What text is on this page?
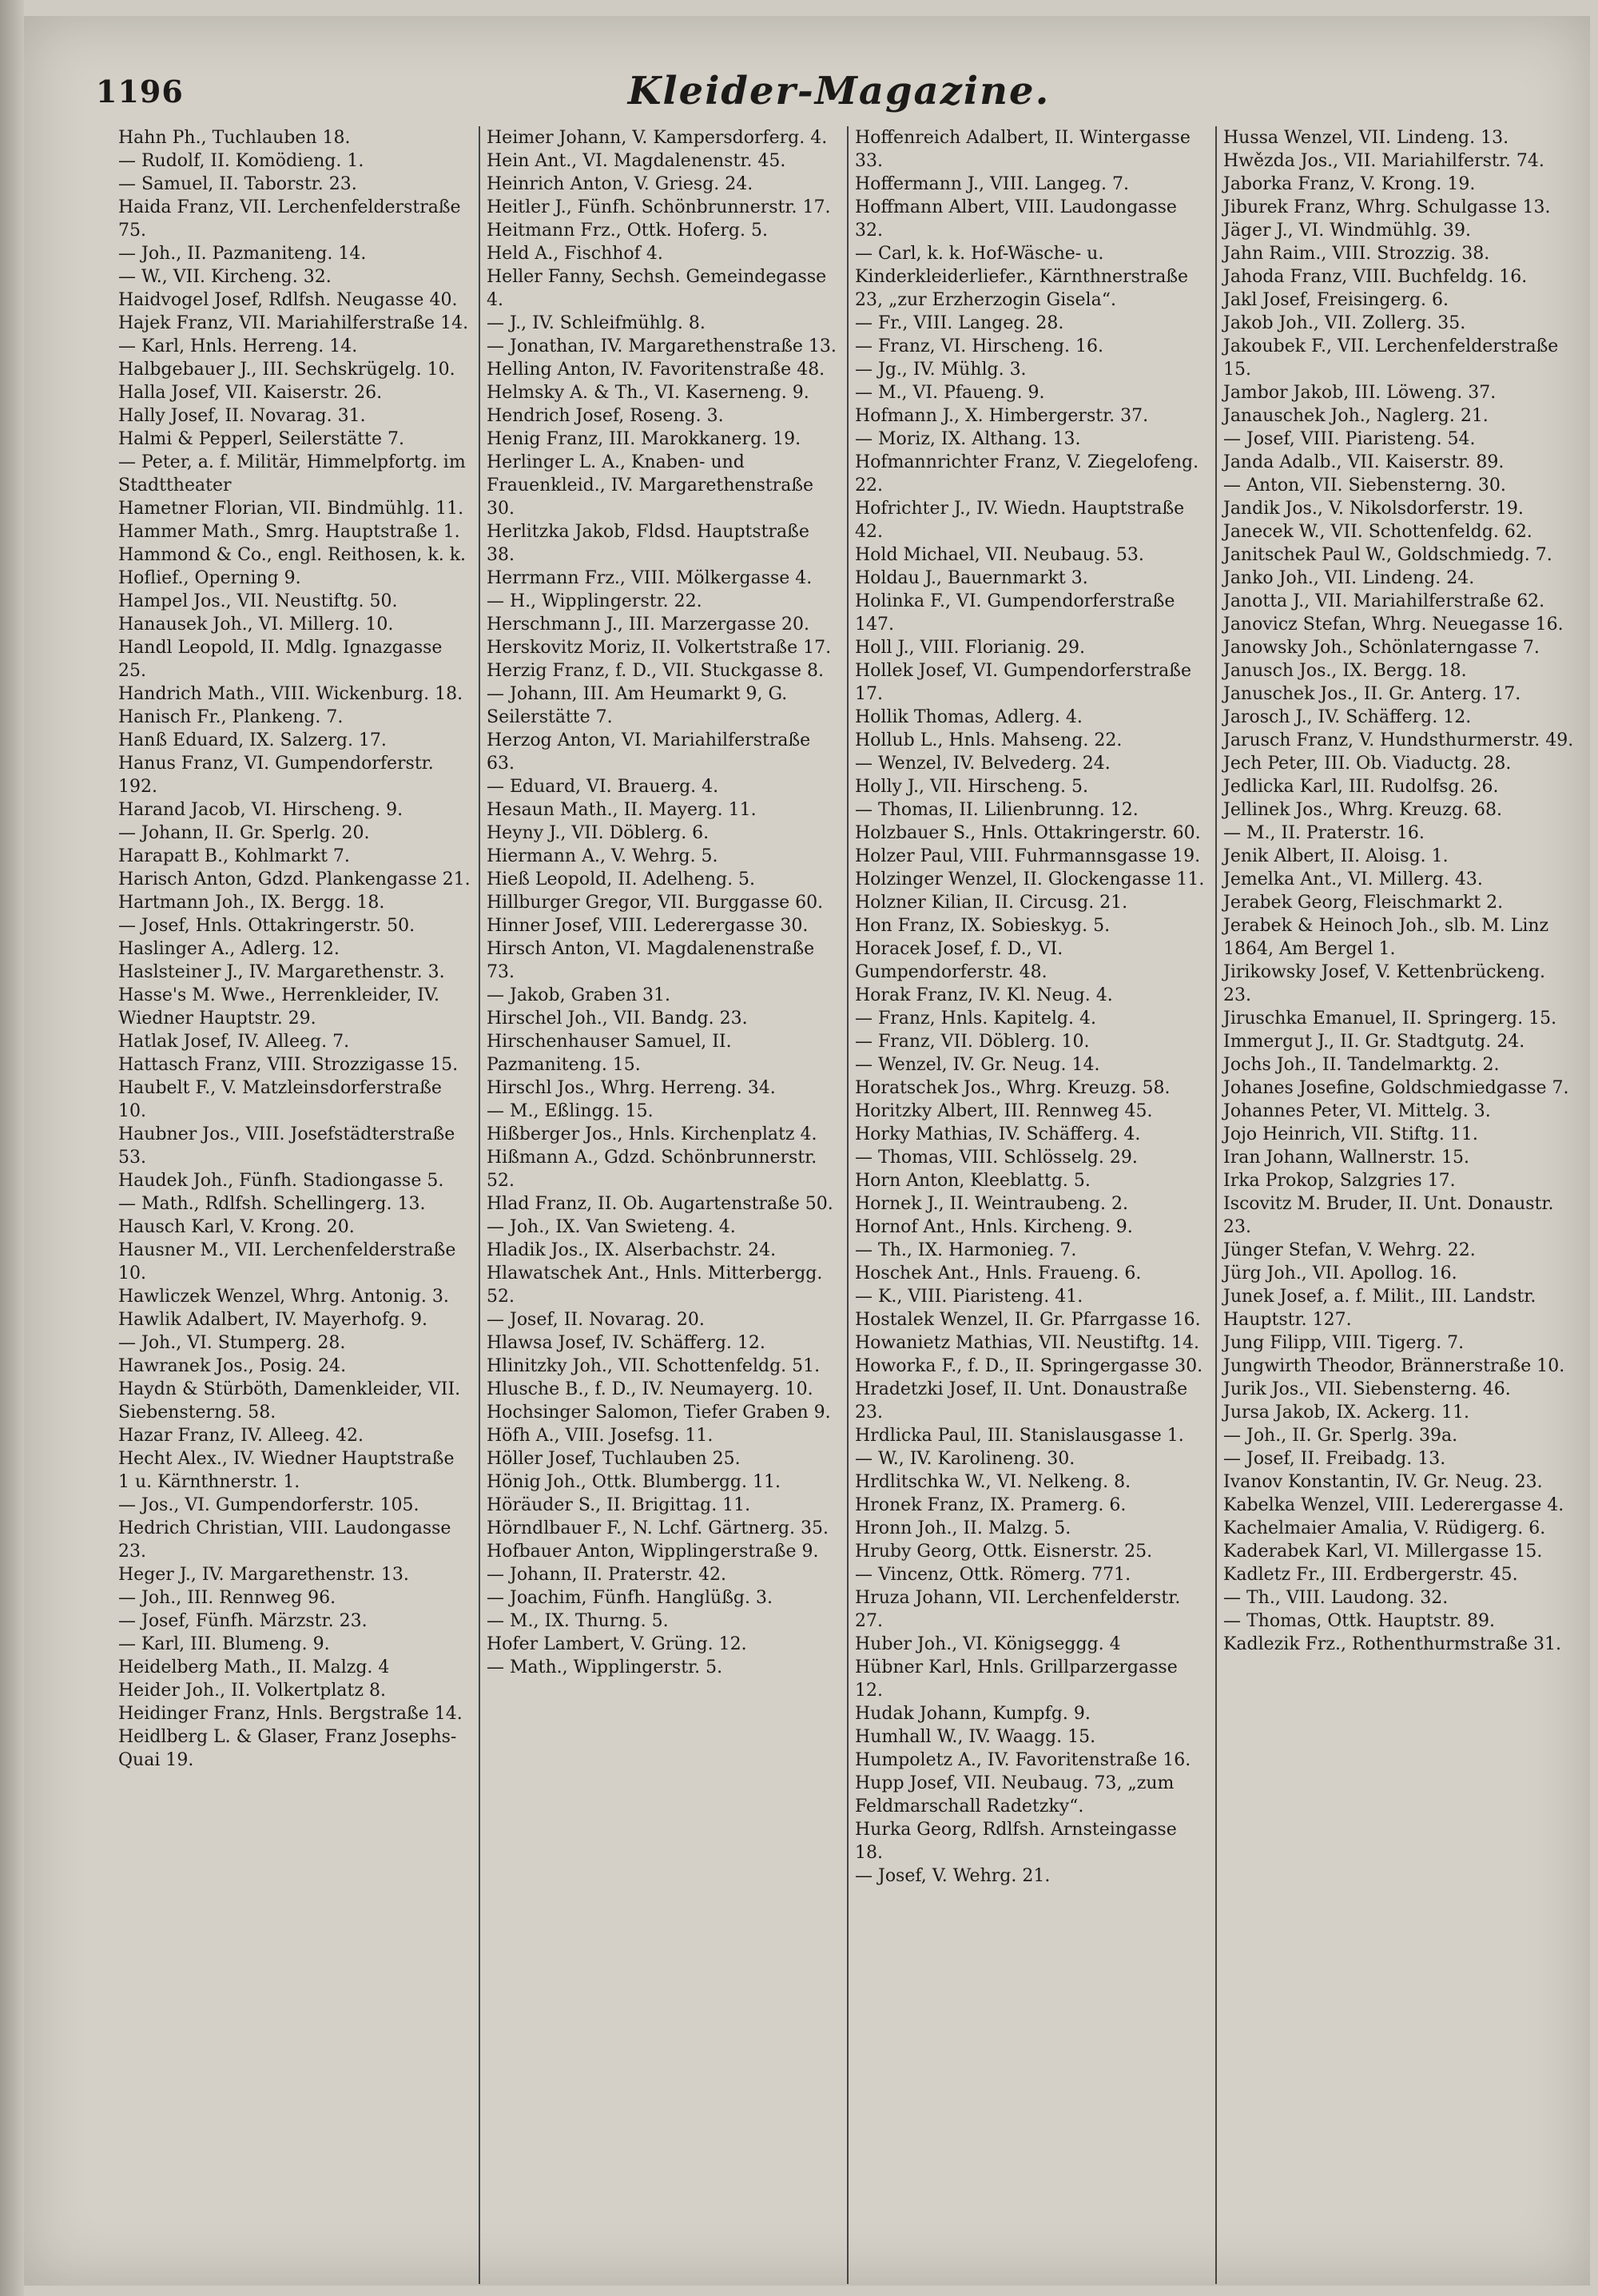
1196	Kleider-Magazine.

Hahn Ph., Tuchlauben 18.

— Rudolf, II. Komödieng. 1.

— Samuel, II. Taborstr. 23.

Haida Franz, VII. Lerchenfelderstraße 75.

— Joh., II. Pazmaniteng. 14.

— W., VII. Kircheng. 32.

Haidvogel Josef, Rdlfsh. Neugasse 40.

Hajek Franz, VII. Mariahilferstraße 14.

— Karl, Hnls. Herreng. 14.

Halbgebauer J., III. Sechskrügelg. 10.

Halla Josef, VII. Kaiserstr. 26.

Hally Josef, II. Novarag. 31.

Halmi & Pepperl, Seilerstätte 7.

— Peter, a. f. Militär, Himmelpfortg. im Stadttheater

Hametner Florian, VII. Bindmühlg. 11.

Hammer Math., Smrg. Hauptstraße 1.

Hammond & Co., engl. Reithosen, k. k. Hoflief., Operning 9.

Hampel Jos., VII. Neustiftg. 50.

Hanausek Joh., VI. Millerg. 10.

Handl Leopold, II. Mdlg. Ignazgasse 25.

Handrich Math., VIII. Wickenburg. 18.

Hanisch Fr., Plankeng. 7.

Hanß Eduard, IX. Salzerg. 17.

Hanus Franz, VI. Gumpendorferstr. 192.

Harand Jacob, VI. Hirscheng. 9.

— Johann, II. Gr. Sperlg. 20.

Harapatt B., Kohlmarkt 7.

Harisch Anton, Gdzd. Plankengasse 21.

Hartmann Joh., IX. Bergg. 18.

— Josef, Hnls. Ottakringerstr. 50.

Haslinger A., Adlerg. 12.

Haslsteiner J., IV. Margarethenstr. 3.

Hasse's M. Wwe., Herrenkleider, IV. Wiedner Hauptstr. 29.

Hatlak Josef, IV. Alleeg. 7.

Hattasch Franz, VIII. Strozzigasse 15.

Haubelt F., V. Matzleinsdorferstraße 10.

Haubner Jos., VIII. Josefstädterstraße 53.

Haudek Joh., Fünfh. Stadiongasse 5.

— Math., Rdlfsh. Schellingerg. 13.

Hausch Karl, V. Krong. 20.

Hausner M., VII. Lerchenfelderstraße 10.

Hawliczek Wenzel, Whrg. Antonig. 3.

Hawlik Adalbert, IV. Mayerhofg. 9.

— Joh., VI. Stumperg. 28.

Hawranek Jos., Posig. 24.

Haydn & Stürböth, Damenkleider, VII. Siebensterng. 58.

Hazar Franz, IV. Alleeg. 42.

Hecht Alex., IV. Wiedner Hauptstraße 1 u. Kärnthnerstr. 1.

— Jos., VI. Gumpendorferstr. 105.

Hedrich Christian, VIII. Laudongasse 23.

Heger J., IV. Margarethenstr. 13.

— Joh., III. Rennweg 96.

— Josef, Fünfh. Märzstr. 23.

— Karl, III. Blumeng. 9.

Heidelberg Math., II. Malzg. 4

Heider Joh., II. Volkertplatz 8.

Heidinger Franz, Hnls. Bergstraße 14.

Heidlberg L. & Glaser, Franz Josephs-Quai 19.

Heimer Johann, V. Kampersdorferg. 4.

Hein Ant., VI. Magdalenenstr. 45.

Heinrich Anton, V. Griesg. 24.

Heitler J., Fünfh. Schönbrunnerstr. 17.

Heitmann Frz., Ottk. Hoferg. 5.

Held A., Fischhof 4.

Heller Fanny, Sechsh. Gemeindegasse 4.

— J., IV. Schleifmühlg. 8.

— Jonathan, IV. Margarethenstraße 13.

Helling Anton, IV. Favoritenstraße 48.

Helmsky A. & Th., VI. Kaserneng. 9.

Hendrich Josef, Roseng. 3.

Henig Franz, III. Marokkanerg. 19.

Herlinger L. A., Knaben- und Frauenkleid., IV. Margarethenstraße 30.

Herlitzka Jakob, Fldsd. Hauptstraße 38.

Herrmann Frz., VIII. Mölkergasse 4.

— H., Wipplingerstr. 22.

Herschmann J., III. Marzergasse 20.

Herskovitz Moriz, II. Volkertstraße 17.

Herzig Franz, f. D., VII. Stuckgasse 8.

— Johann, III. Am Heumarkt 9, G. Seilerstätte 7.

Herzog Anton, VI. Mariahilferstraße 63.

— Eduard, VI. Brauerg. 4.

Hesaun Math., II. Mayerg. 11.

Heyny J., VII. Döblerg. 6.

Hiermann A., V. Wehrg. 5.

Hieß Leopold, II. Adelheng. 5.

Hillburger Gregor, VII. Burggasse 60.

Hinner Josef, VIII. Lederergasse 30.

Hirsch Anton, VI. Magdalenenstraße 73.

— Jakob, Graben 31.

Hirschel Joh., VII. Bandg. 23.

Hirschenhauser Samuel, II. Pazmaniteng. 15.

Hirschl Jos., Whrg. Herreng. 34.

— M., Eßlingg. 15.

Hißberger Jos., Hnls. Kirchenplatz 4.

Hißmann A., Gdzd. Schönbrunnerstr. 52.

Hlad Franz, II. Ob. Augartenstraße 50.

— Joh., IX. Van Swieteng. 4.

Hladik Jos., IX. Alserbachstr. 24.

Hlawatschek Ant., Hnls. Mitterbergg. 52.

— Josef, II. Novarag. 20.

Hlawsa Josef, IV. Schäfferg. 12.

Hlinitzky Joh., VII. Schottenfeldg. 51.

Hlusche B., f. D., IV. Neumayerg. 10.

Hochsinger Salomon, Tiefer Graben 9.

Höfh A., VIII. Josefsg. 11.

Höller Josef, Tuchlauben 25.

Hönig Joh., Ottk. Blumbergg. 11.

Höräuder S., II. Brigittag. 11.

Hörndlbauer F., N. Lchf. Gärtnerg. 35.

Hofbauer Anton, Wipplingerstraße 9.

— Johann, II. Praterstr. 42.

— Joachim, Fünfh. Hanglüßg. 3.

— M., IX. Thurng. 5.

Hofer Lambert, V. Grüng. 12.

— Math., Wipplingerstr. 5.

Hoffenreich Adalbert, II. Wintergasse 33.

Hoffermann J., VIII. Langeg. 7.

Hoffmann Albert, VIII. Laudongasse 32.

— Carl, k. k. Hof-Wäsche- u. Kinderkleiderliefer., Kärnthnerstraße 23, „zur Erzherzogin Gisela“.

— Fr., VIII. Langeg. 28.

— Franz, VI. Hirscheng. 16.

— Jg., IV. Mühlg. 3.

— M., VI. Pfaueng. 9.

Hofmann J., X. Himbergerstr. 37.

— Moriz, IX. Althang. 13.

Hofmannrichter Franz, V. Ziegelofeng. 22.

Hofrichter J., IV. Wiedn. Hauptstraße 42.

Hold Michael, VII. Neubaug. 53.

Holdau J., Bauernmarkt 3.

Holinka F., VI. Gumpendorferstraße 147.

Holl J., VIII. Florianig. 29.

Hollek Josef, VI. Gumpendorferstraße 17.

Hollik Thomas, Adlerg. 4.

Hollub L., Hnls. Mahseng. 22.

— Wenzel, IV. Belvederg. 24.

Holly J., VII. Hirscheng. 5.

— Thomas, II. Lilienbrunng. 12.

Holzbauer S., Hnls. Ottakringerstr. 60.

Holzer Paul, VIII. Fuhrmannsgasse 19.

Holzinger Wenzel, II. Glockengasse 11.

Holzner Kilian, II. Circusg. 21.

Hon Franz, IX. Sobieskyg. 5.

Horacek Josef, f. D., VI. Gumpendorferstr. 48.

Horak Franz, IV. Kl. Neug. 4.

— Franz, Hnls. Kapitelg. 4.

— Franz, VII. Döblerg. 10.

— Wenzel, IV. Gr. Neug. 14.

Horatschek Jos., Whrg. Kreuzg. 58.

Horitzky Albert, III. Rennweg 45.

Horky Mathias, IV. Schäfferg. 4.

— Thomas, VIII. Schlösselg. 29.

Horn Anton, Kleeblattg. 5.

Hornek J., II. Weintraubeng. 2.

Hornof Ant., Hnls. Kircheng. 9.

— Th., IX. Harmonieg. 7.

Hoschek Ant., Hnls. Fraueng. 6.

— K., VIII. Piaristeng. 41.

Hostalek Wenzel, II. Gr. Pfarrgasse 16.

Howanietz Mathias, VII. Neustiftg. 14.

Howorka F., f. D., II. Springergasse 30.

Hradetzki Josef, II. Unt. Donaustraße 23.

Hrdlicka Paul, III. Stanislausgasse 1.

— W., IV. Karolineng. 30.

Hrdlitschka W., VI. Nelkeng. 8.

Hronek Franz, IX. Pramerg. 6.

Hronn Joh., II. Malzg. 5.

Hruby Georg, Ottk. Eisnerstr. 25.

— Vincenz, Ottk. Römerg. 771.

Hruza Johann, VII. Lerchenfelderstr. 27.

Huber Joh., VI. Königseggg. 4

Hübner Karl, Hnls. Grillparzergasse 12.

Hudak Johann, Kumpfg. 9.

Humhall W., IV. Waagg. 15.

Humpoletz A., IV. Favoritenstraße 16.

Hupp Josef, VII. Neubaug. 73, „zum Feldmarschall Radetzky“.

Hurka Georg, Rdlfsh. Arnsteingasse 18.

— Josef, V. Wehrg. 21.

Hussa Wenzel, VII. Lindeng. 13.

Hwězda Jos., VII. Mariahilferstr. 74.

Jaborka Franz, V. Krong. 19.

Jiburek Franz, Whrg. Schulgasse 13.

Jäger J., VI. Windmühlg. 39.

Jahn Raim., VIII. Strozzig. 38.

Jahoda Franz, VIII. Buchfeldg. 16.

Jakl Josef, Freisingerg. 6.

Jakob Joh., VII. Zollerg. 35.

Jakoubek F., VII. Lerchenfelderstraße 15.

Jambor Jakob, III. Löweng. 37.

Janauschek Joh., Naglerg. 21.

— Josef, VIII. Piaristeng. 54.

Janda Adalb., VII. Kaiserstr. 89.

— Anton, VII. Siebensterng. 30.

Jandik Jos., V. Nikolsdorferstr. 19.

Janecek W., VII. Schottenfeldg. 62.

Janitschek Paul W., Goldschmiedg. 7.

Janko Joh., VII. Lindeng. 24.

Janotta J., VII. Mariahilferstraße 62.

Janovicz Stefan, Whrg. Neuegasse 16.

Janowsky Joh., Schönlaterngasse 7.

Janusch Jos., IX. Bergg. 18.

Januschek Jos., II. Gr. Anterg. 17.

Jarosch J., IV. Schäfferg. 12.

Jarusch Franz, V. Hundsthurmerstr. 49.

Jech Peter, III. Ob. Viaductg. 28.

Jedlicka Karl, III. Rudolfsg. 26.

Jellinek Jos., Whrg. Kreuzg. 68.

— M., II. Praterstr. 16.

Jenik Albert, II. Aloisg. 1.

Jemelka Ant., VI. Millerg. 43.

Jerabek Georg, Fleischmarkt 2.

Jerabek & Heinoch Joh., slb. M. Linz 1864, Am Bergel 1.

Jirikowsky Josef, V. Kettenbrückeng. 23.

Jiruschka Emanuel, II. Springerg. 15.

Immergut J., II. Gr. Stadtgutg. 24.

Jochs Joh., II. Tandelmarktg. 2.

Johanes Josefine, Goldschmiedgasse 7.

Johannes Peter, VI. Mittelg. 3.

Jojo Heinrich, VII. Stiftg. 11.

Iran Johann, Wallnerstr. 15.

Irka Prokop, Salzgries 17.

Iscovitz M. Bruder, II. Unt. Donaustr. 23.

Jünger Stefan, V. Wehrg. 22.

Jürg Joh., VII. Apollog. 16.

Junek Josef, a. f. Milit., III. Landstr. Hauptstr. 127.

Jung Filipp, VIII. Tigerg. 7.

Jungwirth Theodor, Brännerstraße 10.

Jurik Jos., VII. Siebensterng. 46.

Jursa Jakob, IX. Ackerg. 11.

— Joh., II. Gr. Sperlg. 39a.

— Josef, II. Freibadg. 13.

Ivanov Konstantin, IV. Gr. Neug. 23.

Kabelka Wenzel, VIII. Lederergasse 4.

Kachelmaier Amalia, V. Rüdigerg. 6.

Kaderabek Karl, VI. Millergasse 15.

Kadletz Fr., III. Erdbergerstr. 45.

— Th., VIII. Laudong. 32.

— Thomas, Ottk. Hauptstr. 89.

Kadlezik Frz., Rothenthurmstraße 31.
